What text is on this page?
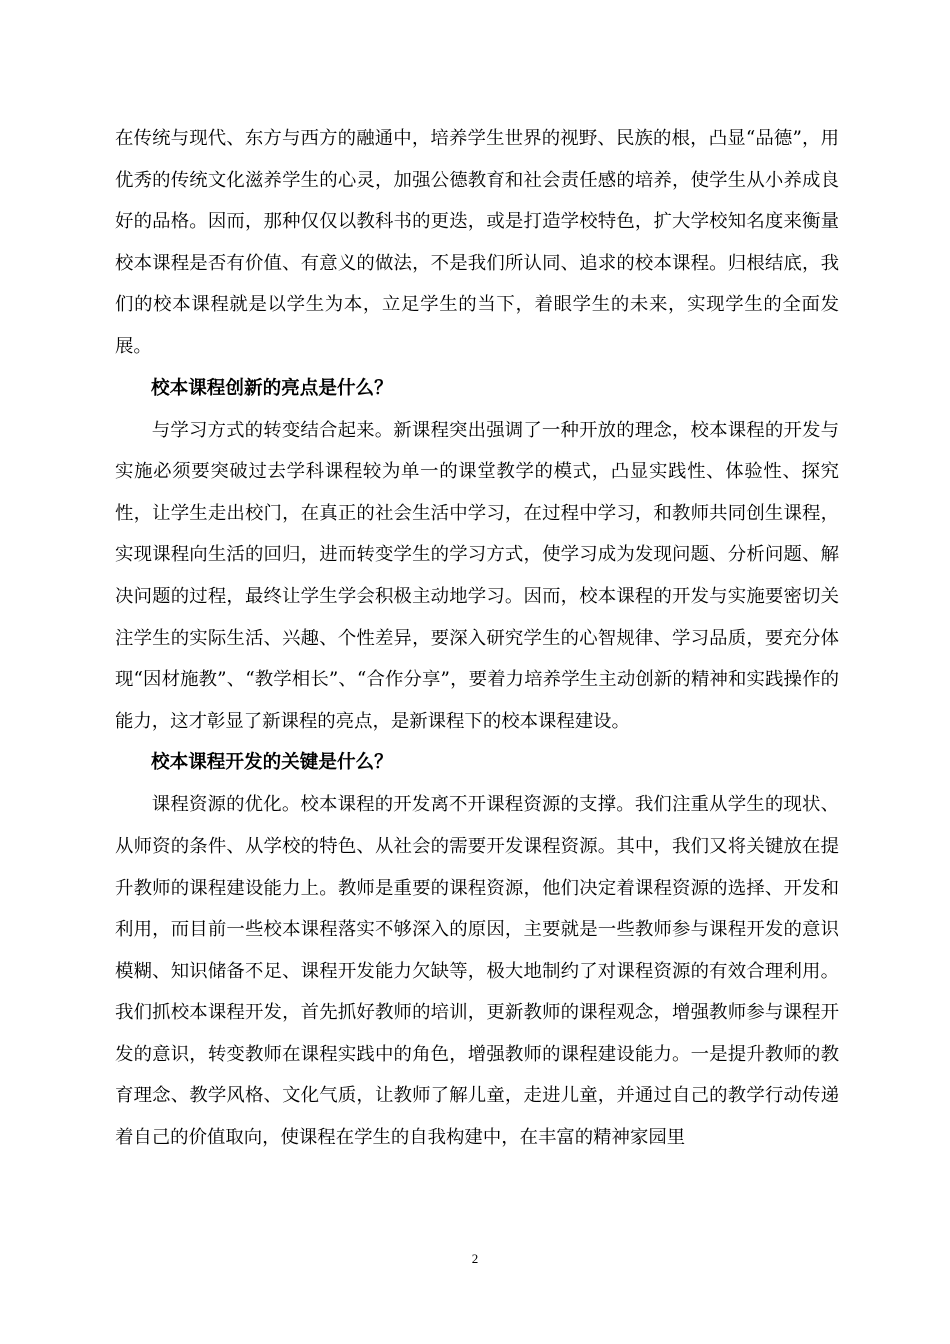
在传统与现代、东方与西方的融通中，培养学生世界的视野、民族的根，凸显“品德”，用优秀的传统文化滋养学生的心灵，加强公德教育和社会责任感的培养，使学生从小养成良好的品格。因而，那种仅仅以教科书的更迭，或是打造学校特色，扩大学校知名度来衡量校本课程是否有价值、有意义的做法，不是我们所认同、追求的校本课程。归根结底，我们的校本课程就是以学生为本，立足学生的当下，着眼学生的未来，实现学生的全面发展。

校本课程创新的亮点是什么？

与学习方式的转变结合起来。新课程突出强调了一种开放的理念，校本课程的开发与实施必须要突破过去学科课程较为单一的课堂教学的模式，凸显实践性、体验性、探究性，让学生走出校门，在真正的社会生活中学习，在过程中学习，和教师共同创生课程，实现课程向生活的回归，进而转变学生的学习方式，使学习成为发现问题、分析问题、解决问题的过程，最终让学生学会积极主动地学习。因而，校本课程的开发与实施要密切关注学生的实际生活、兴趣、个性差异，要深入研究学生的心智规律、学习品质，要充分体现“因材施教”、“教学相长”、“合作分享”，要着力培养学生主动创新的精神和实践操作的能力，这才彰显了新课程的亮点，是新课程下的校本课程建设。

校本课程开发的关键是什么？

课程资源的优化。校本课程的开发离不开课程资源的支撑。我们注重从学生的现状、从师资的条件、从学校的特色、从社会的需要开发课程资源。其中，我们又将关键放在提升教师的课程建设能力上。教师是重要的课程资源，他们决定着课程资源的选择、开发和利用，而目前一些校本课程落实不够深入的原因，主要就是一些教师参与课程开发的意识模糊、知识储备不足、课程开发能力欠缺等，极大地制约了对课程资源的有效合理利用。我们抓校本课程开发，首先抓好教师的培训，更新教师的课程观念，增强教师参与课程开发的意识，转变教师在课程实践中的角色，增强教师的课程建设能力。一是提升教师的教育理念、教学风格、文化气质，让教师了解儿童，走进儿童，并通过自己的教学行动传递着自己的价值取向，使课程在学生的自我构建中，在丰富的精神家园里

2
